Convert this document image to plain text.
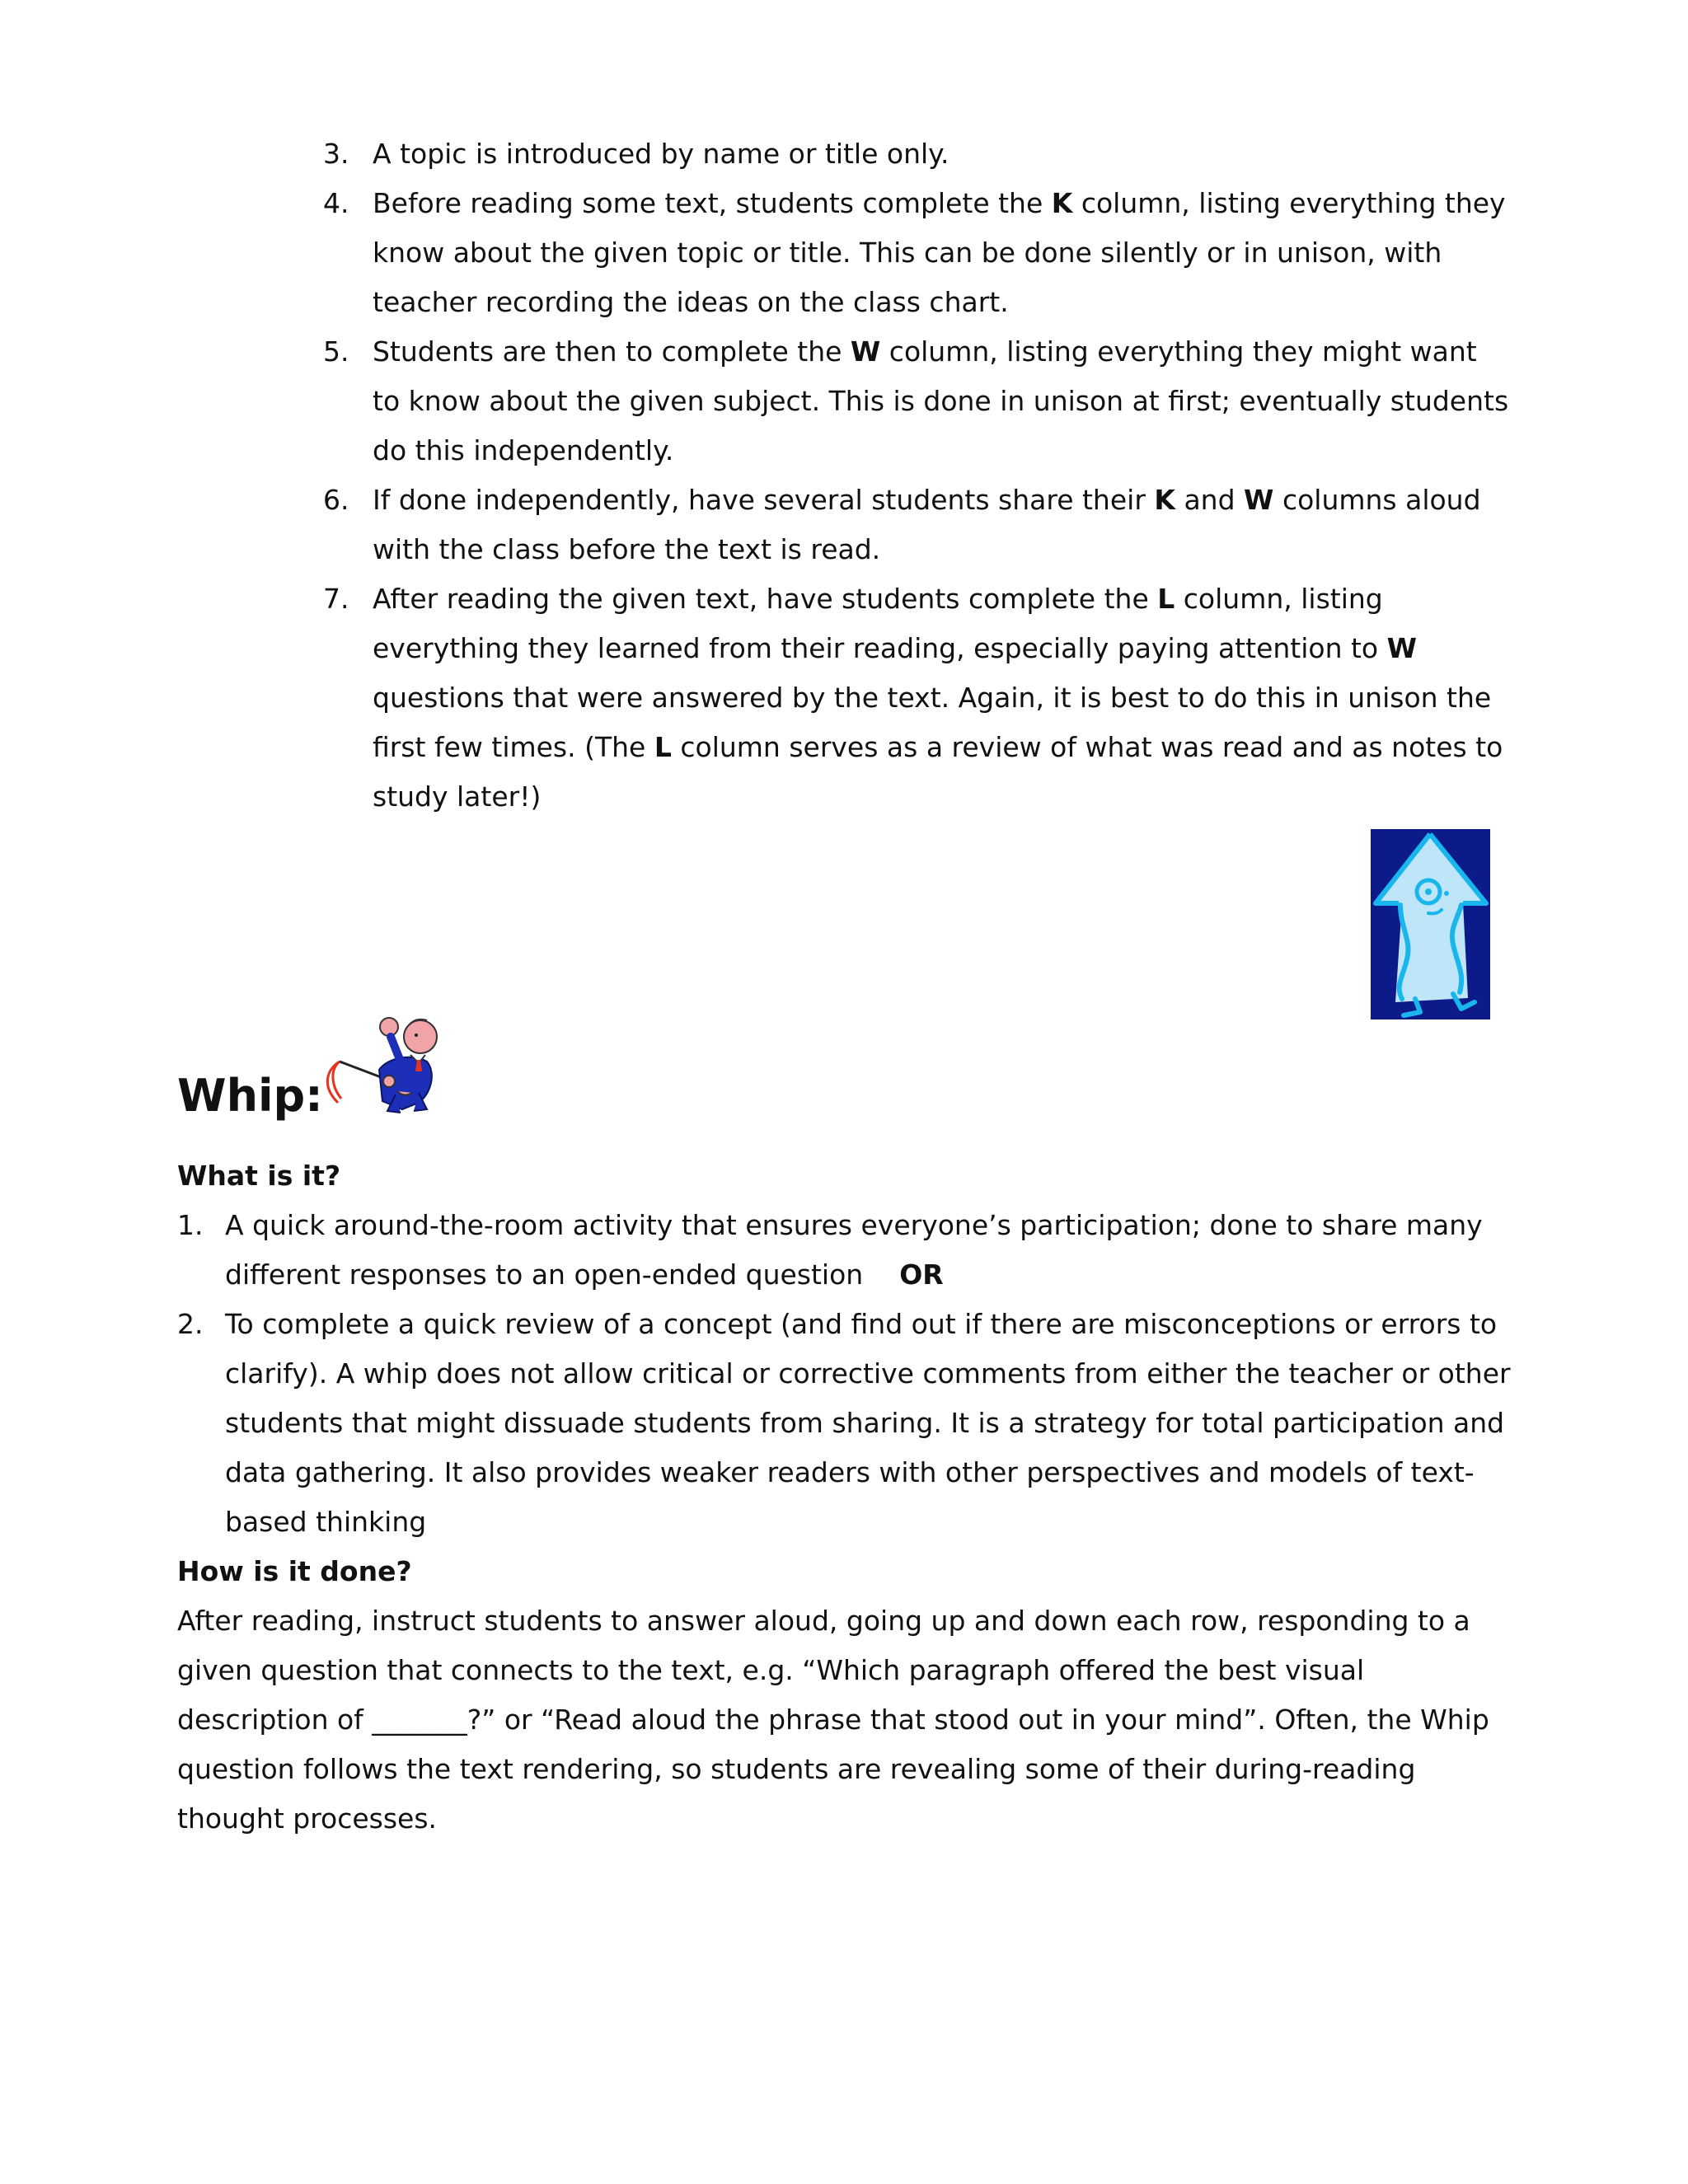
3. A topic is introduced by name or title only.
4. Before reading some text, students complete the K column, listing everything they know about the given topic or title. This can be done silently or in unison, with teacher recording the ideas on the class chart.
5. Students are then to complete the W column, listing everything they might want to know about the given subject. This is done in unison at first; eventually students do this independently.
6. If done independently, have several students share their K and W columns aloud with the class before the text is read.
7. After reading the given text, have students complete the L column, listing everything they learned from their reading, especially paying attention to W questions that were answered by the text. Again, it is best to do this in unison the first few times. (The L column serves as a review of what was read and as notes to study later!)
Whip:

What is it?

1. A quick around-the-room activity that ensures everyone’s participation; done to share many different responses to an open-ended question OR
2. To complete a quick review of a concept (and find out if there are misconceptions or errors to clarify). A whip does not allow critical or corrective comments from either the teacher or other students that might dissuade students from sharing. It is a strategy for total participation and data gathering. It also provides weaker readers with other perspectives and models of text-based thinking

How is it done?

After reading, instruct students to answer aloud, going up and down each row, responding to a given question that connects to the text, e.g. “Which paragraph offered the best visual description of _______?” or “Read aloud the phrase that stood out in your mind”. Often, the Whip question follows the text rendering, so students are revealing some of their during-reading thought processes.
